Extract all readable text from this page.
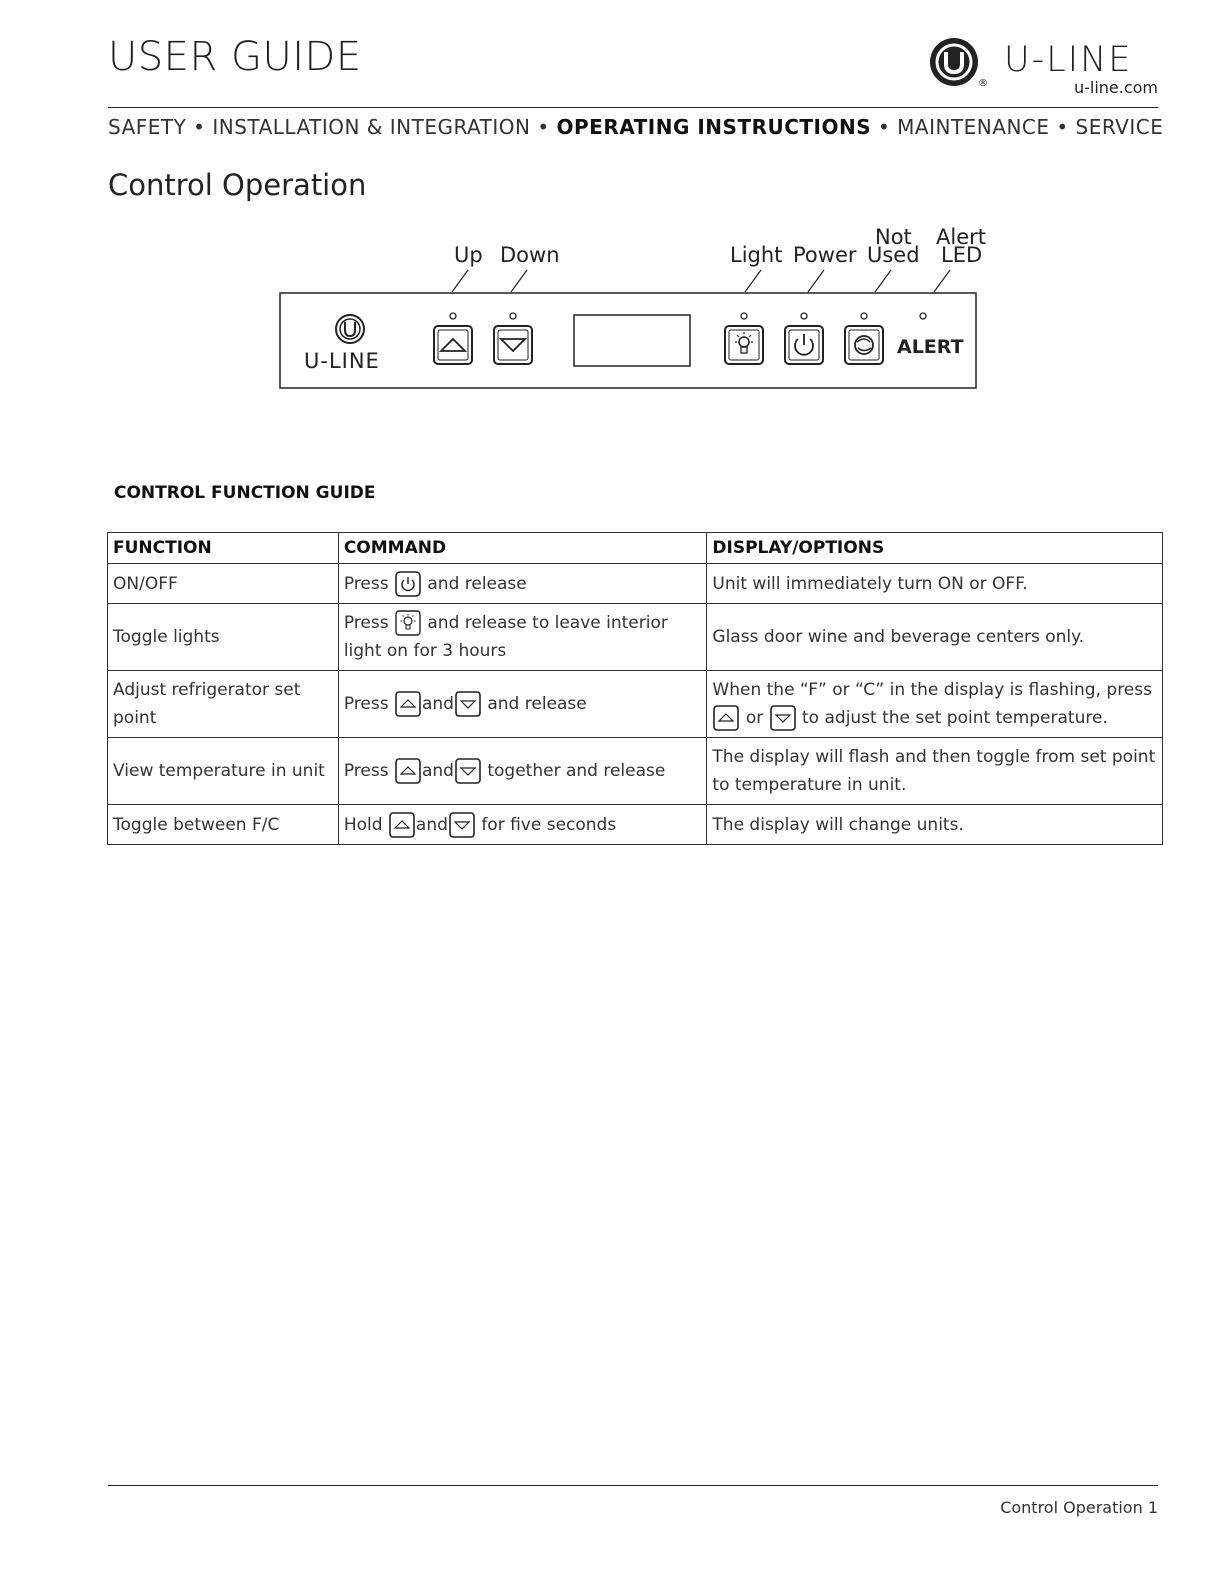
USER GUIDE	U-LINE
®	u-line.com
SAFETY • INSTALLATION & INTEGRATION • OPERATING INSTRUCTIONS • MAINTENANCE • SERVICE
Control Operation
Up Down	Light Power
Not
Used
Alert
LED
U-LINE
ALERT
CONTROL FUNCTION GUIDE
FUNCTION	COMMAND	DISPLAY/OPTIONS
ON/OFF	Press and release	Unit will immediately turn ON or OFF.
Toggle lights	Press and release to leave interior light on for 3 hours	Glass door wine and beverage centers only.
Adjust refrigerator set point	Press and and release	When the “F” or “C” in the display is flashing, press  or to adjust the set point temperature.
View temperature in unit	Press and together and release	The display will flash and then toggle from set point to temperature in unit.
Toggle between F/C	Hold and for five seconds	The display will change units.
Control Operation 1
